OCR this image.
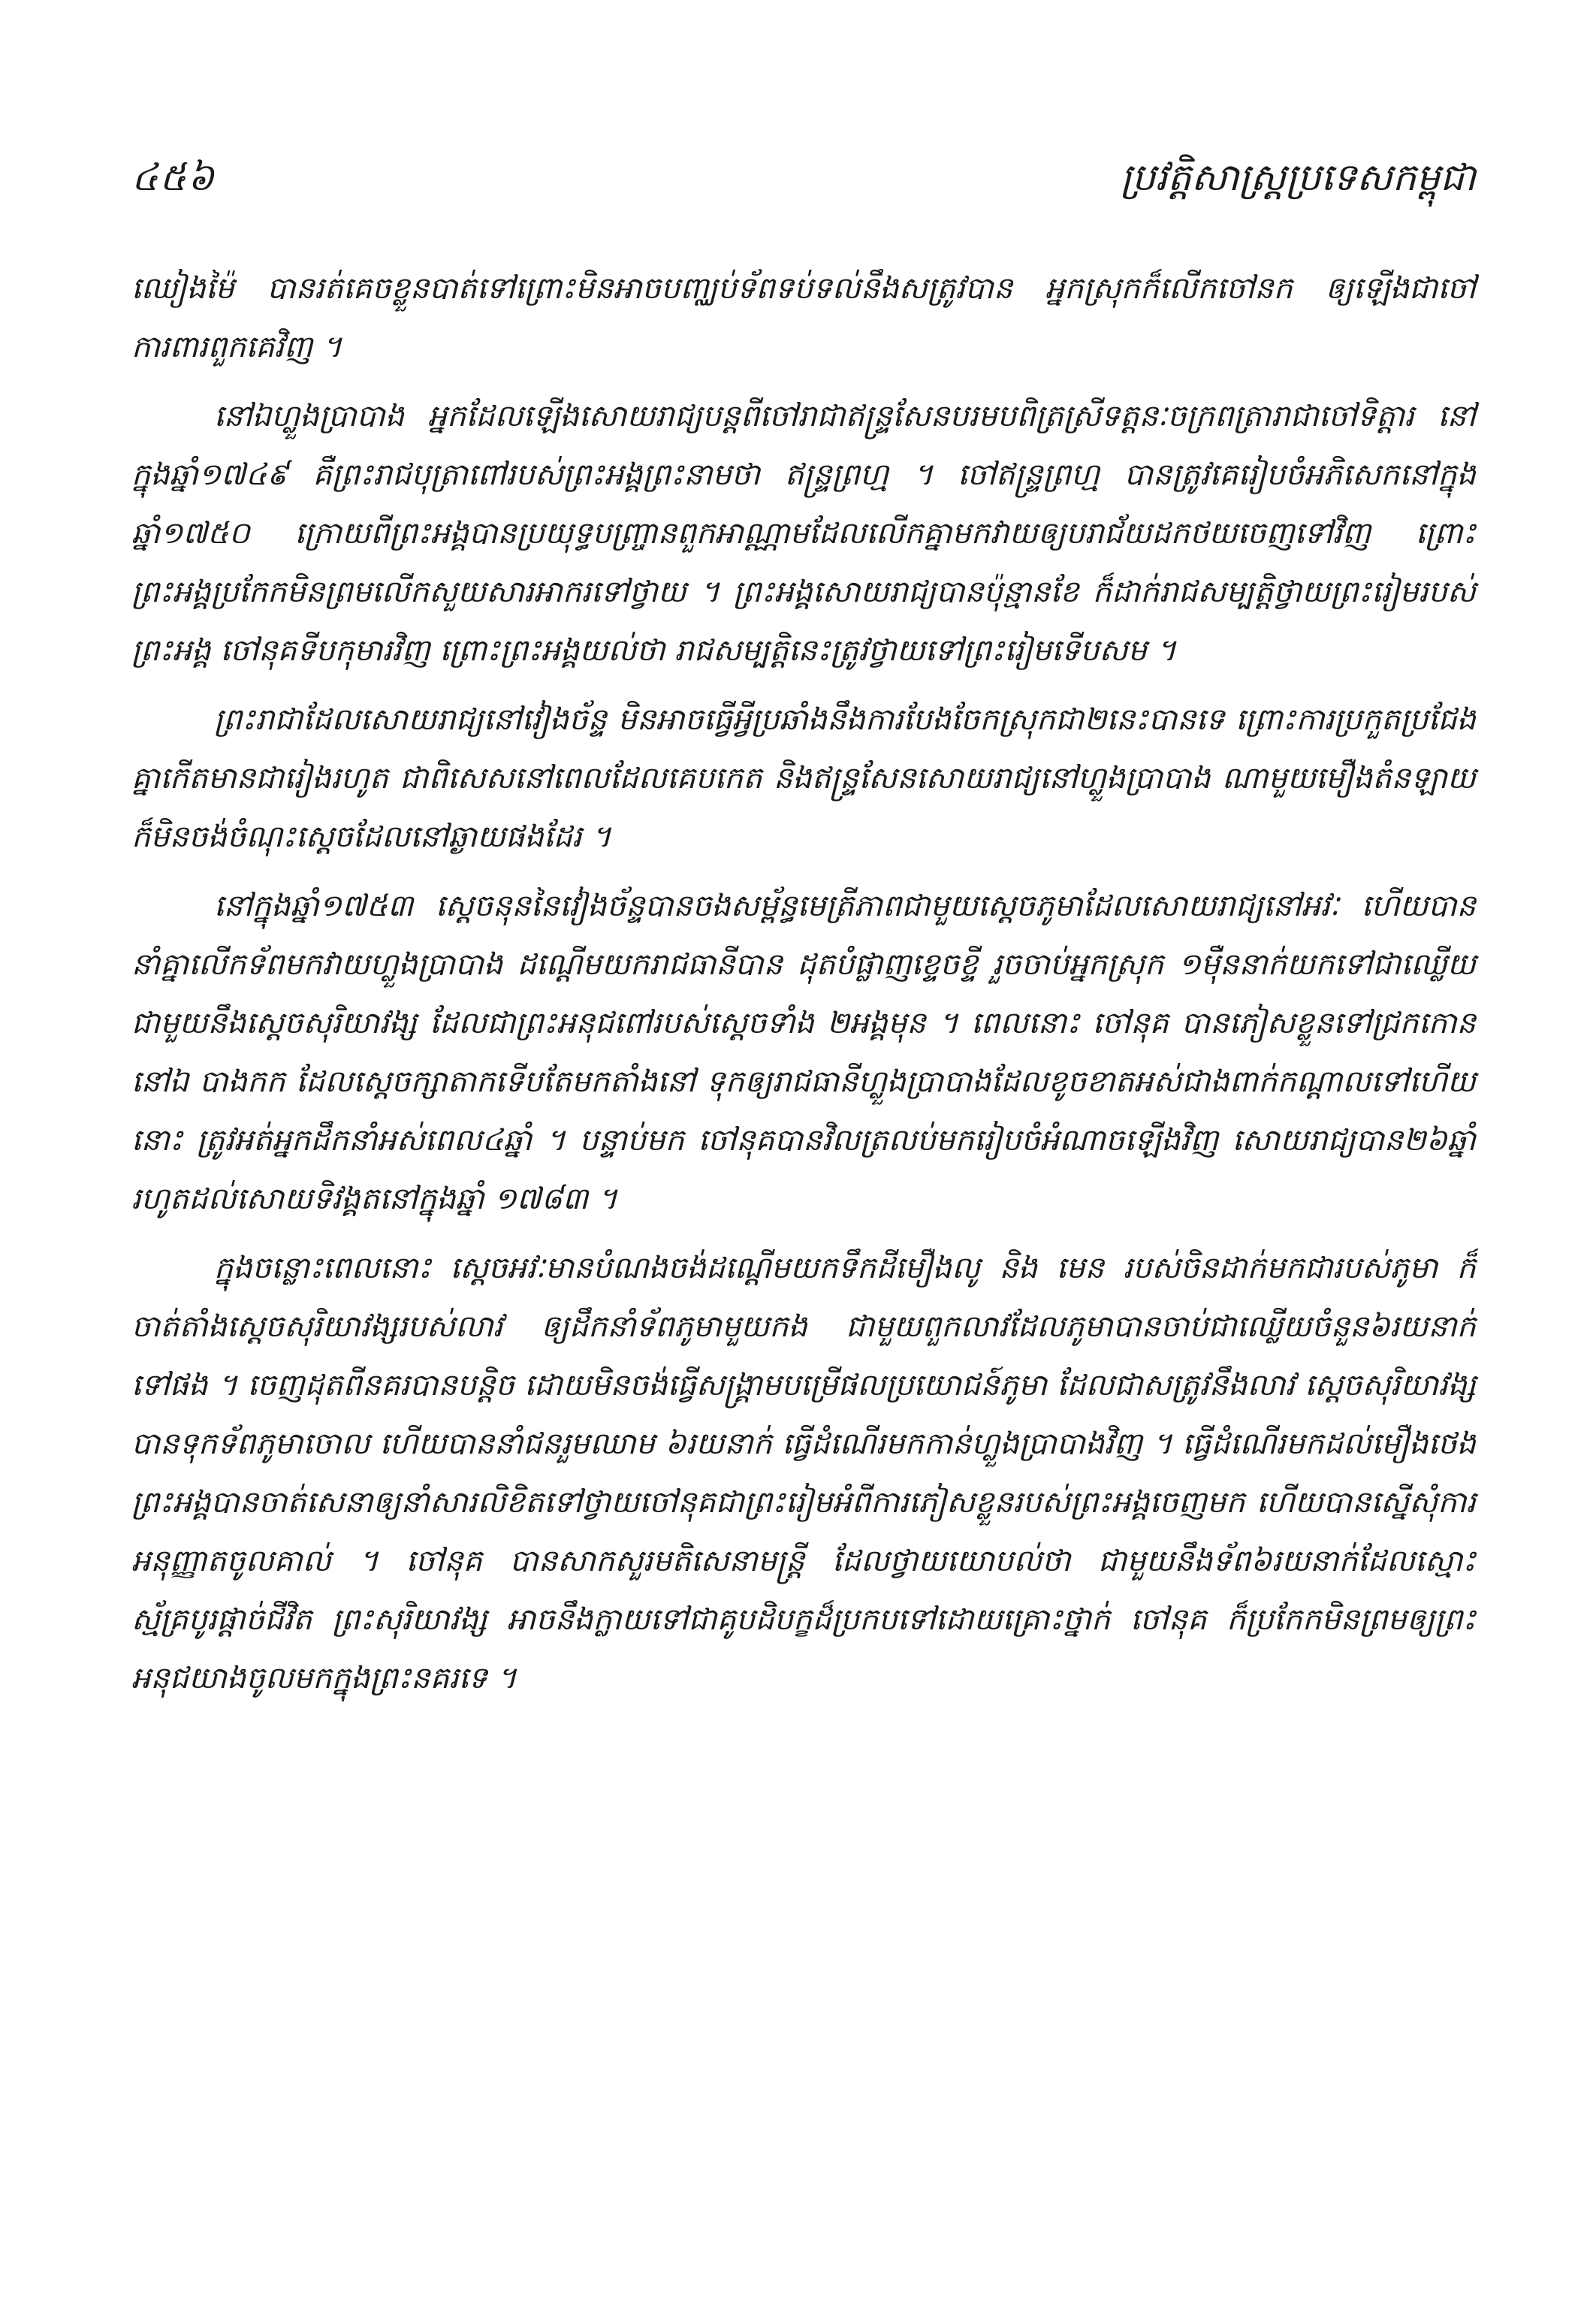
៤៥៦	ប្រវត្តិសាស្ត្រប្រទេសកម្ពុជា

ឈៀងម៉ៃ បានរត់គេចខ្លួនបាត់ទៅព្រោះមិនអាចបញ្ឈប់ទ័ពទប់ទល់នឹងសត្រូវបាន អ្នកស្រុកក៏លើកចៅនក ឲ្យឡើងជាចៅការពារពួកគេវិញ ។

នៅឯហ្លួងប្រាបាង អ្នកដែលឡើងសោយរាជ្យបន្តពីចៅរាជាឥន្ទ្រសែនបរមបពិត្រស្រីទត្តនៈចក្រពត្រារាជាចៅទិត្តារ នៅក្នុងឆ្នាំ១៧៤៩ គឺព្រះរាជបុត្រាពៅរបស់ព្រះអង្គព្រះនាមថា ឥន្ទ្រព្រហ្ម ។ ចៅឥន្ទ្រព្រហ្ម បានត្រូវគេរៀបចំអភិសេកនៅក្នុងឆ្នាំ១៧៥០ ក្រោយពីព្រះអង្គបានប្រយុទ្ធបញ្ច្រានពួកអាណ្ណាមដែលលើកគ្នាមកវាយឲ្យបរាជ័យដកថយចេញទៅវិញ ព្រោះព្រះអង្គប្រកែកមិនព្រមលើកសួយសារអាករទៅថ្វាយ ។ ព្រះអង្គសោយរាជ្យបានប៉ុន្មានខែ ក៏ដាក់រាជសម្បត្តិថ្វាយព្រះរៀមរបស់ព្រះអង្គ ចៅនុគទីបកុមារវិញ ព្រោះព្រះអង្គយល់ថា រាជសម្បត្តិនេះត្រូវថ្វាយទៅព្រះរៀមទើបសម ។

ព្រះរាជាដែលសោយរាជ្យនៅវៀងច័ន្ទ មិនអាចធ្វើអ្វីប្រឆាំងនឹងការបែងចែកស្រុកជា២នេះបានទេ ព្រោះការប្រកួតប្រជែងគ្នាកើតមានជារៀងរហូត ជាពិសេសនៅពេលដែលគេបកេត និងឥន្ទ្រសែនសោយរាជ្យនៅហ្លួងប្រាបាង ណាមួយមឿងតំនឡាយ ក៏មិនចង់ចំណុះស្តេចដែលនៅឆ្ងាយផងដែរ ។

នៅក្នុងឆ្នាំ១៧៥៣ ស្តេចនុននៃវៀងច័ន្ទបានចងសម្ព័ន្ធមេត្រីភាពជាមួយស្តេចភូមាដែលសោយរាជ្យនៅអវៈ ហើយបាននាំគ្នាលើកទ័ពមកវាយហ្លួងប្រាបាង ដណ្តើមយករាជធានីបាន ដុតបំផ្លាញខ្ទេចខ្ទី រួចចាប់អ្នកស្រុក ១ម៉ឺននាក់យកទៅជាឈ្លើយ ជាមួយនឹងស្តេចសុរិយាវង្ស ដែលជាព្រះអនុជពៅរបស់ស្តេចទាំង ២អង្គមុន ។ ពេលនោះ ចៅនុគ បានភៀសខ្លួនទៅជ្រកកោននៅឯ បាងកក ដែលស្តេចក្សាតាកទើបតែមកតាំងនៅ ទុកឲ្យរាជធានីហ្លួងប្រាបាងដែលខូចខាតអស់ជាងពាក់កណ្តាលទៅហើយនោះ ត្រូវអត់អ្នកដឹកនាំអស់ពេល៤ឆ្នាំ ។ បន្ទាប់មក ចៅនុគបានវិលត្រលប់មករៀបចំអំណាចឡើងវិញ សោយរាជ្យបាន២៦ឆ្នាំ រហូតដល់សោយទិវង្គតនៅក្នុងឆ្នាំ ១៧៨៣ ។

ក្នុងចន្លោះពេលនោះ ស្តេចអវៈមានបំណងចង់ដណ្តើមយកទឹកដីមឿងលូ និង មេន របស់ចិនដាក់មកជារបស់ភូមា ក៏ចាត់តាំងស្តេចសុរិយាវង្សរបស់លាវ ឲ្យដឹកនាំទ័ពភូមាមួយកង ជាមួយពួកលាវដែលភូមាបានចាប់ជាឈ្លើយចំនួន៦រយនាក់ទៅផង ។ ចេញដុតពីនគរបានបន្តិច ដោយមិនចង់ធ្វើសង្គ្រាមបម្រើផលប្រយោជន៍ភូមា ដែលជាសត្រូវនឹងលាវ ស្តេចសុរិយាវង្សបានទុកទ័ពភូមាចោល ហើយបាននាំជនរួមឈាម ៦រយនាក់ ធ្វើដំណើរមកកាន់ហ្លួងប្រាបាងវិញ ។ ធ្វើដំណើរមកដល់មឿងថេង ព្រះអង្គបានចាត់សេនាឲ្យនាំសារលិខិតទៅថ្វាយចៅនុគជាព្រះរៀមអំពីការភៀសខ្លួនរបស់ព្រះអង្គចេញមក ហើយបានស្នើសុំការអនុញ្ញាតចូលគាល់ ។ ចៅនុគ បានសាកសួរមតិសេនាមន្ត្រី ដែលថ្វាយយោបល់ថា ជាមួយនឹងទ័ព៦រយនាក់ដែលស្មោះស្ម័គ្របូរផ្តាច់ជីវិត ព្រះសុរិយាវង្ស អាចនឹងក្លាយទៅជាគូបដិបក្ខដ៏ប្រកបទៅដោយគ្រោះថ្នាក់ ចៅនុគ ក៏ប្រកែកមិនព្រមឲ្យព្រះអនុជយាងចូលមកក្នុងព្រះនគរទេ ។
